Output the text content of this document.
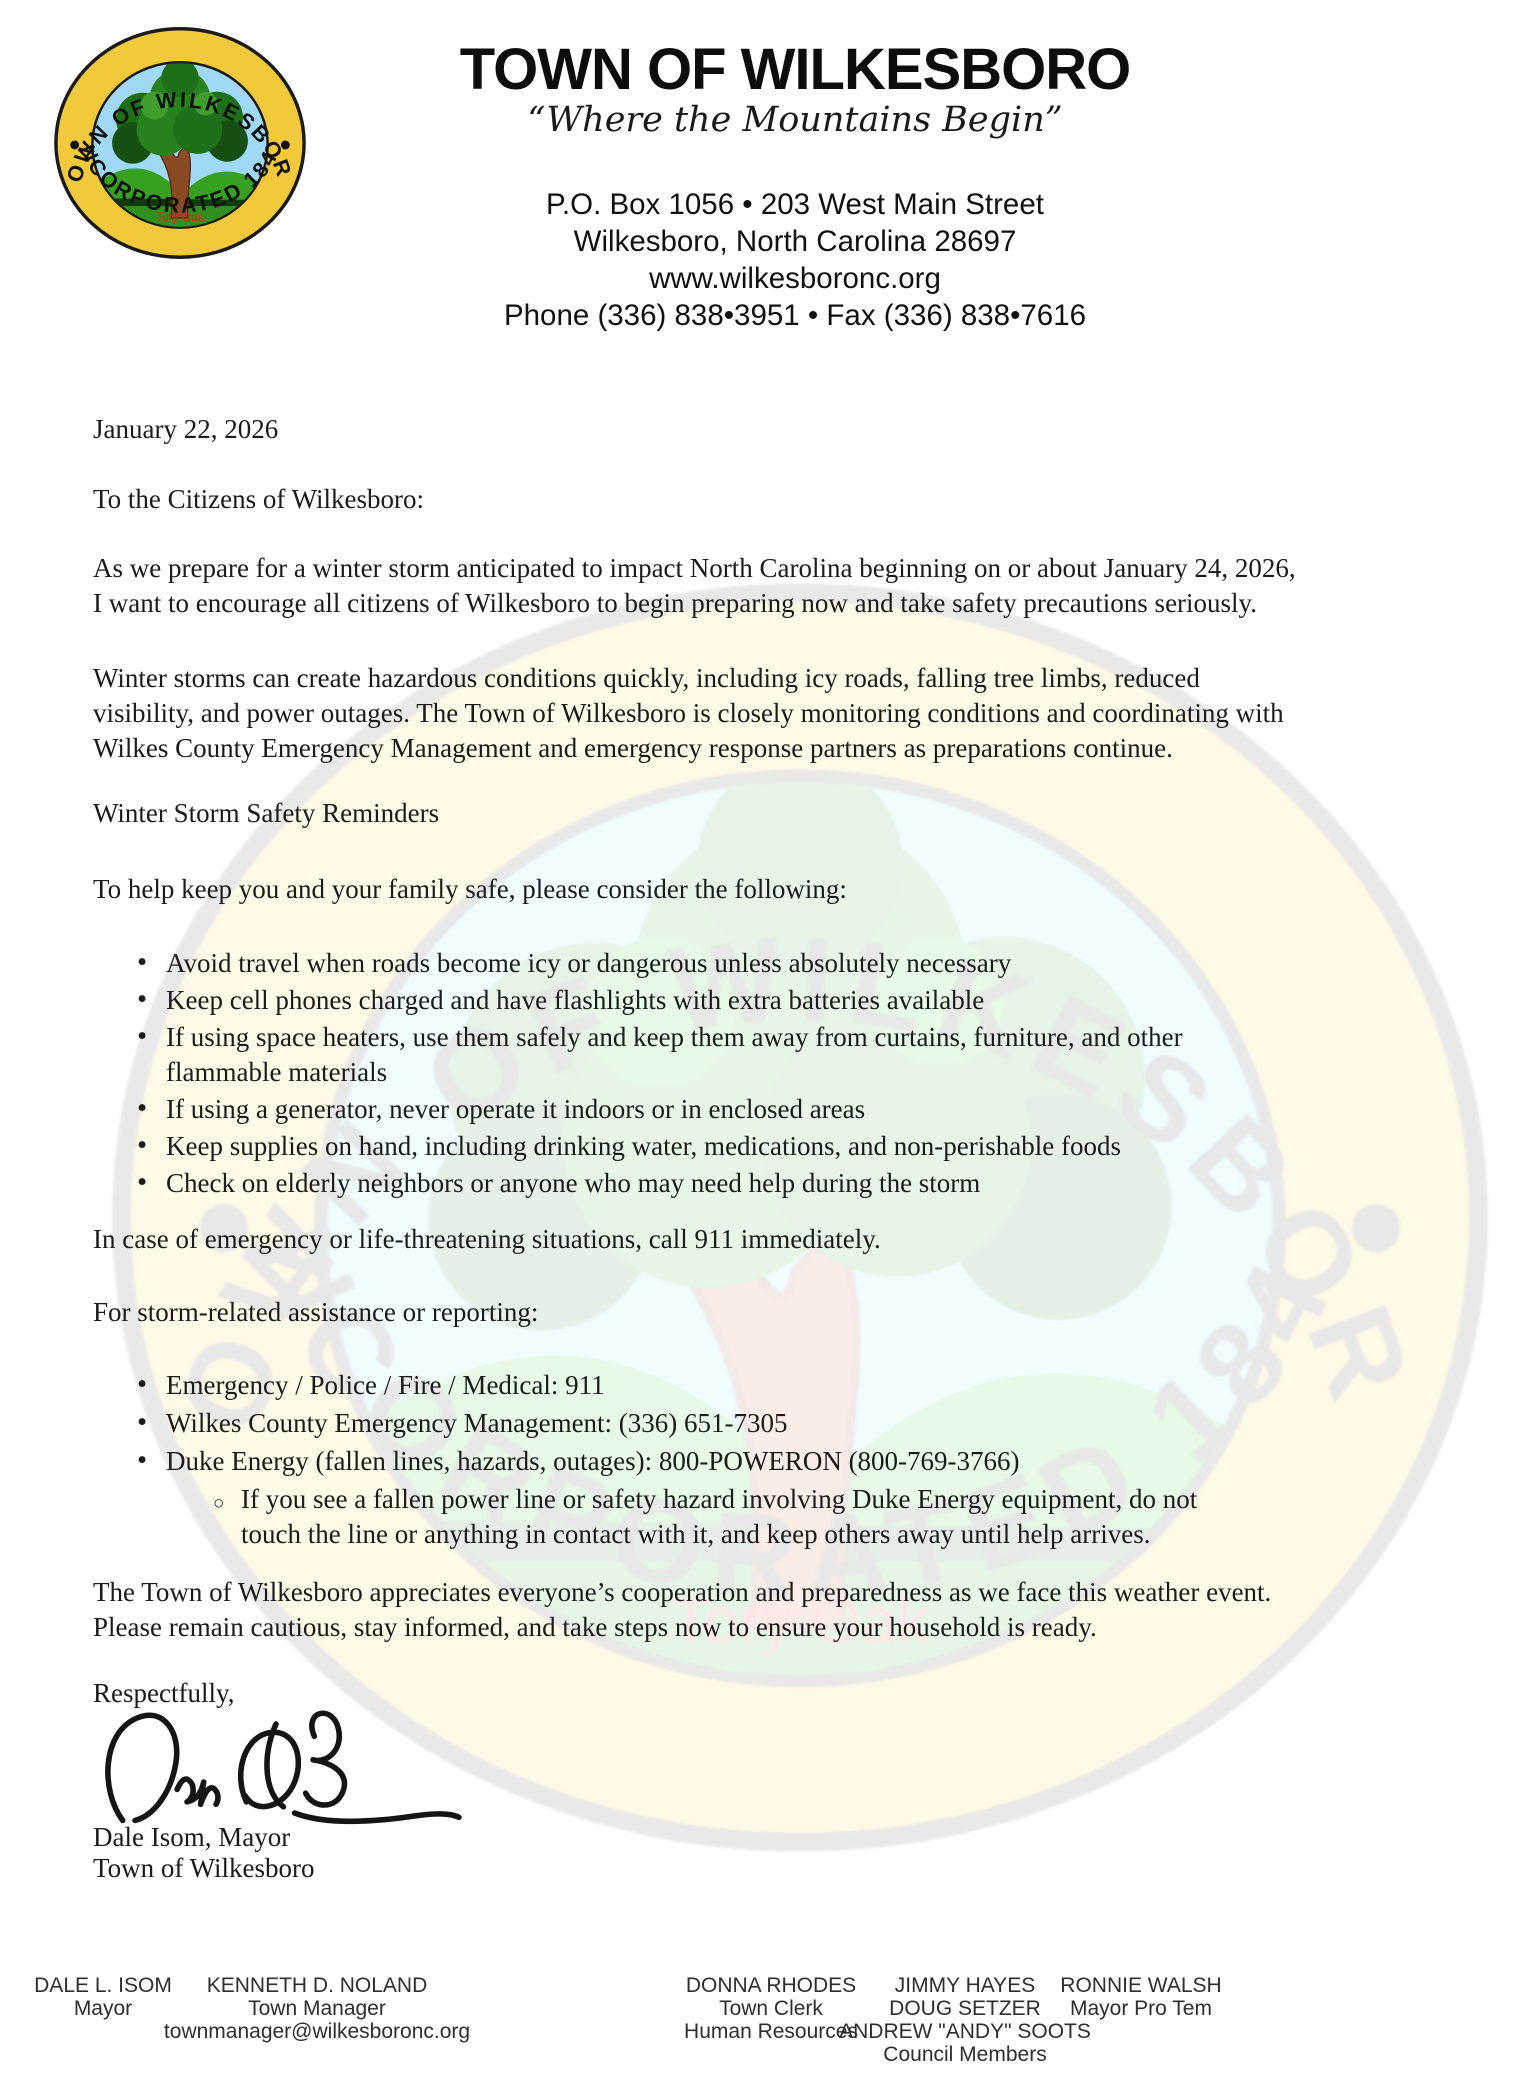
TOWN OF WILKESBORO
“Where the Mountains Begin”
P.O. Box 1056 • 203 West Main Street
Wilkesboro, North Carolina 28697
www.wilkesboronc.org
Phone (336) 838•3951 • Fax (336) 838•7616
January 22, 2026
To the Citizens of Wilkesboro:
As we prepare for a winter storm anticipated to impact North Carolina beginning on or about January 24, 2026,
I want to encourage all citizens of Wilkesboro to begin preparing now and take safety precautions seriously.
Winter storms can create hazardous conditions quickly, including icy roads, falling tree limbs, reduced
visibility, and power outages. The Town of Wilkesboro is closely monitoring conditions and coordinating with
Wilkes County Emergency Management and emergency response partners as preparations continue.
Winter Storm Safety Reminders
To help keep you and your family safe, please consider the following:
• Avoid travel when roads become icy or dangerous unless absolutely necessary
• Keep cell phones charged and have flashlights with extra batteries available
• If using space heaters, use them safely and keep them away from curtains, furniture, and other
flammable materials
• If using a generator, never operate it indoors or in enclosed areas
• Keep supplies on hand, including drinking water, medications, and non-perishable foods
• Check on elderly neighbors or anyone who may need help during the storm
In case of emergency or life-threatening situations, call 911 immediately.
For storm-related assistance or reporting:
• Emergency / Police / Fire / Medical: 911
• Wilkes County Emergency Management: (336) 651-7305
• Duke Energy (fallen lines, hazards, outages): 800-POWERON (800-769-3766)
○ If you see a fallen power line or safety hazard involving Duke Energy equipment, do not
touch the line or anything in contact with it, and keep others away until help arrives.
The Town of Wilkesboro appreciates everyone’s cooperation and preparedness as we face this weather event.
Please remain cautious, stay informed, and take steps now to ensure your household is ready.
Respectfully,
Dale Isom, Mayor
Town of Wilkesboro
DALE L. ISOM
Mayor
KENNETH D. NOLAND
Town Manager
townmanager@wilkesboronc.org
DONNA RHODES
Town Clerk
Human Resources
JIMMY HAYES
DOUG SETZER
ANDREW "ANDY" SOOTS
Council Members
RONNIE WALSH
Mayor Pro Tem
